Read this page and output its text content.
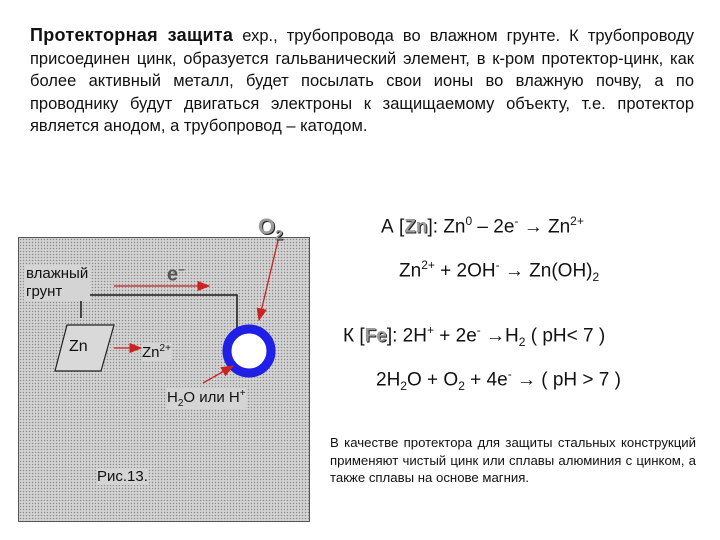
Протекторная защита ехр., трубопровода во влажном грунте. К трубопроводу присоединен цинк, образуется гальванический элемент, в к-ром протектор-цинк, как более активный металл, будет посылать свои ионы во влажную почву, а по проводнику будут двигаться электроны к защищаемому объекту, т.е. протектор является анодом, а трубопровод – катодом.
влажный
грунт
е–
Zn	$Zn^{2+}$
$H_2O$ или H+
Рис.13.
$O_2$	А [Zn]: $Zn^0 - 2e^- \to Zn^{2+}$
$Zn^{2+} + 2OH^- \to Zn(OH)_2$
К [Fe]: $2H^+ + 2e^- \to H_2$ ( pH< 7 )
$2H_2O + O_2 + 4e^-$ → ( pH > 7 )
В качестве протектора для защиты стальных конструкций применяют чистый цинк или сплавы алюминия с цинком, а также сплавы на основе магния.
